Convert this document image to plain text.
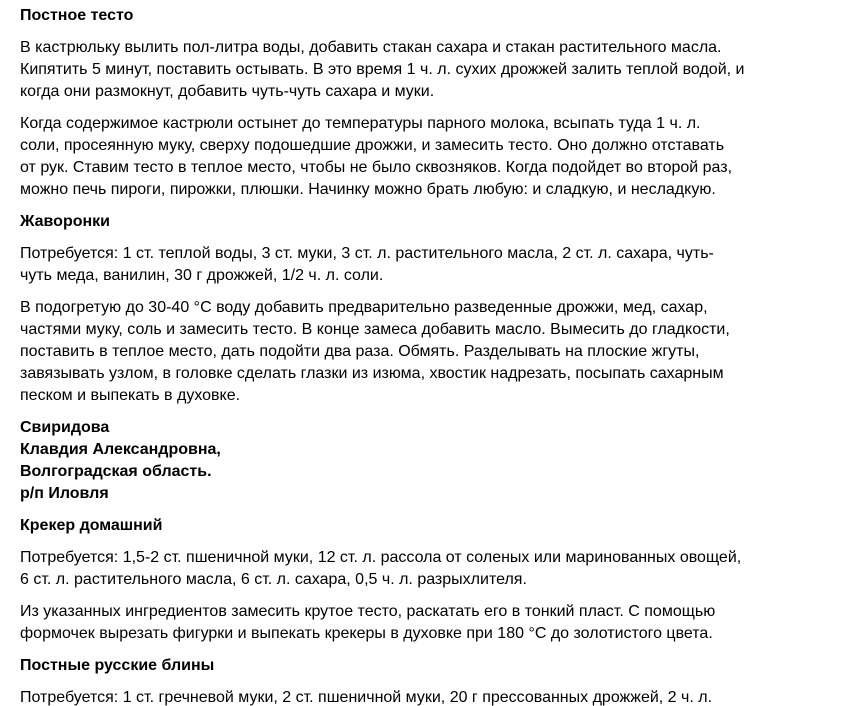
Постное тесто
В кастрюльку вылить пол-литра воды, добавить стакан сахара и стакан растительного масла.
Кипятить 5 минут, поставить остывать. В это время 1 ч. л. сухих дрожжей залить теплой водой, и
когда они размокнут, добавить чуть-чуть сахара и муки.
Когда содержимое кастрюли остынет до температуры парного молока, всыпать туда 1 ч. л.
соли, просеянную муку, сверху подошедшие дрожжи, и замесить тесто. Оно должно отставать
от рук. Ставим тесто в теплое место, чтобы не было сквозняков. Когда подойдет во второй раз,
можно печь пироги, пирожки, плюшки. Начинку можно брать любую: и сладкую, и несладкую.
Жаворонки
Потребуется: 1 ст. теплой воды, 3 ст. муки, 3 ст. л. растительного масла, 2 ст. л. сахара, чуть-
чуть меда, ванилин, 30 г дрожжей, 1/2 ч. л. соли.
В подогретую до 30-40 °С воду добавить предварительно разведенные дрожжи, мед, сахар,
частями муку, соль и замесить тесто. В конце замеса добавить масло. Вымесить до гладкости,
поставить в теплое место, дать подойти два раза. Обмять. Разделывать на плоские жгуты,
завязывать узлом, в головке сделать глазки из изюма, хвостик надрезать, посыпать сахарным
песком и выпекать в духовке.
Свиридова
Клавдия Александровна,
Волгоградская область.
р/п Иловля
Крекер домашний
Потребуется: 1,5-2 ст. пшеничной муки, 12 ст. л. рассола от соленых или маринованных овощей,
6 ст. л. растительного масла, 6 ст. л. сахара, 0,5 ч. л. разрыхлителя.
Из указанных ингредиентов замесить крутое тесто, раскатать его в тонкий пласт. С помощью
формочек вырезать фигурки и выпекать крекеры в духовке при 180 °С до золотистого цвета.
Постные русские блины
Потребуется: 1 ст. гречневой муки, 2 ст. пшеничной муки, 20 г прессованных дрожжей, 2 ч. л.
